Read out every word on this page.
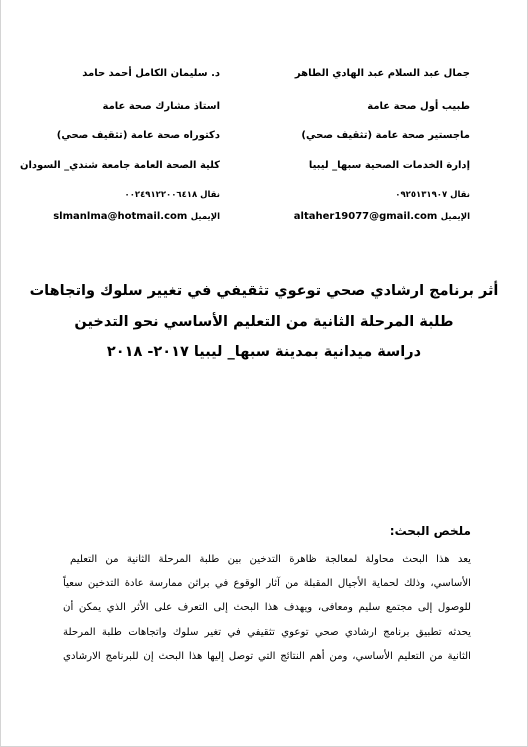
جمال عبد السلام عبد الهادي الطاهر
طبيب أول صحة عامة
ماجستير صحة عامة (تثقيف صحي)
إدارة الخدمات الصحية سبها_ ليبيا
نقال ٠٩٢٥١٣١٩٠٧
الإيميل altaher19077@gmail.com
د. سليمان الكامل أحمد حامد
استاذ مشارك صحة عامة
دكتوراه صحة عامة (تثقيف صحي)
كلية الصحة العامة جامعة شندي_ السودان
نقال ٠٠٢٤٩١٢٢٠٠٦٤١٨
الإيميل slmanlma@hotmail.com
أثر برنامج ارشادي صحي توعوي تثقيفي في تغيير سلوك واتجاهات
طلبة المرحلة الثانية من التعليم الأساسي نحو التدخين
دراسة ميدانية بمدينة سبها_ ليبيا ٢٠١٧- ٢٠١٨
ملخص البحث:
يعد هذا البحث محاولة لمعالجة ظاهرة التدخين بين طلبة المرحلة الثانية من التعليم
الأساسي، وذلك لحماية الأجيال المقبلة من آثار الوقوع في براثن ممارسة عادة التدخين سعياً
للوصول إلى مجتمع سليم ومعافى، ويهدف هذا البحث إلى التعرف على الأثر الذي يمكن أن
يحدثه تطبيق برنامج ارشادي صحي توعوي تثقيفي في تغير سلوك واتجاهات طلبة المرحلة
الثانية من التعليم الأساسي، ومن أهم النتائج التي توصل إليها هذا البحث إن للبرنامج الارشادي
